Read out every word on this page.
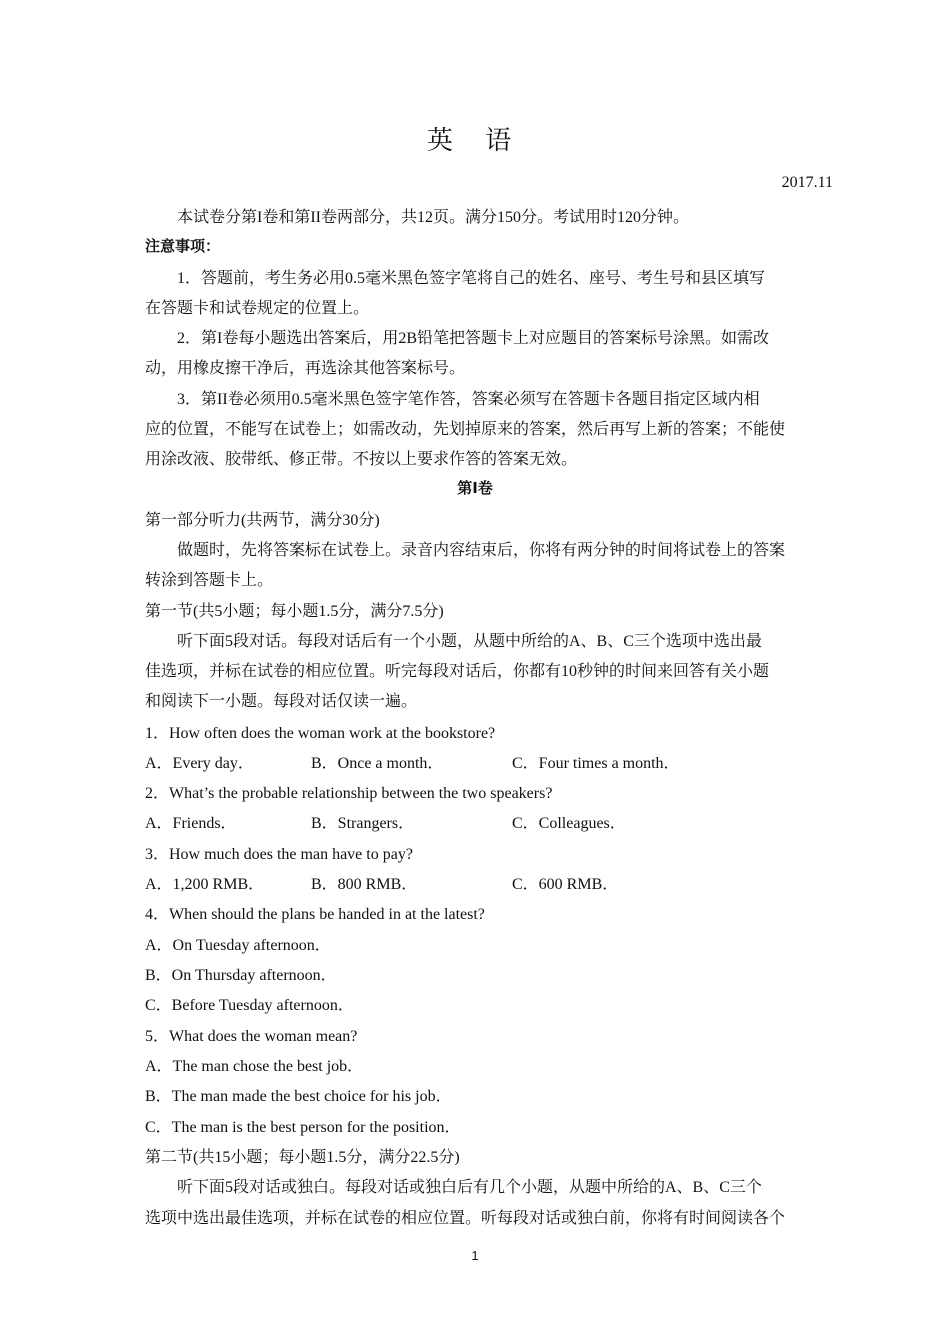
英 语
2017.11
本试卷分第I卷和第II卷两部分，共12页。满分150分。考试用时120分钟。
注意事项：
1．答题前，考生务必用0.5毫米黑色签字笔将自己的姓名、座号、考生号和县区填写
在答题卡和试卷规定的位置上。
2．第I卷每小题选出答案后，用2B铅笔把答题卡上对应题目的答案标号涂黑。如需改
动，用橡皮擦干净后，再选涂其他答案标号。
3．第II卷必须用0.5毫米黑色签字笔作答，答案必须写在答题卡各题目指定区域内相
应的位置，不能写在试卷上；如需改动，先划掉原来的答案，然后再写上新的答案；不能使
用涂改液、胶带纸、修正带。不按以上要求作答的答案无效。
第I卷
第一部分听力(共两节，满分30分)
做题时，先将答案标在试卷上。录音内容结束后，你将有两分钟的时间将试卷上的答案
转涂到答题卡上。
第一节(共5小题；每小题1.5分，满分7.5分)
听下面5段对话。每段对话后有一个小题，从题中所给的A、B、C三个选项中选出最
佳选项，并标在试卷的相应位置。听完每段对话后，你都有10秒钟的时间来回答有关小题
和阅读下一小题。每段对话仅读一遍。
1．How often does the woman work at the bookstore?
A．Every day．	B．Once a month．	C．Four times a month．
2．What’s the probable relationship between the two speakers?
A．Friends．	B．Strangers．	C．Colleagues．
3．How much does the man have to pay?
A．1,200 RMB．	B．800 RMB．	C．600 RMB．
4．When should the plans be handed in at the latest?
A．On Tuesday afternoon．
B．On Thursday afternoon．
C．Before Tuesday afternoon．
5．What does the woman mean?
A．The man chose the best job．
B．The man made the best choice for his job．
C．The man is the best person for the position．
第二节(共15小题；每小题1.5分，满分22.5分)
听下面5段对话或独白。每段对话或独白后有几个小题，从题中所给的A、B、C三个
选项中选出最佳选项，并标在试卷的相应位置。听每段对话或独白前，你将有时间阅读各个
1
